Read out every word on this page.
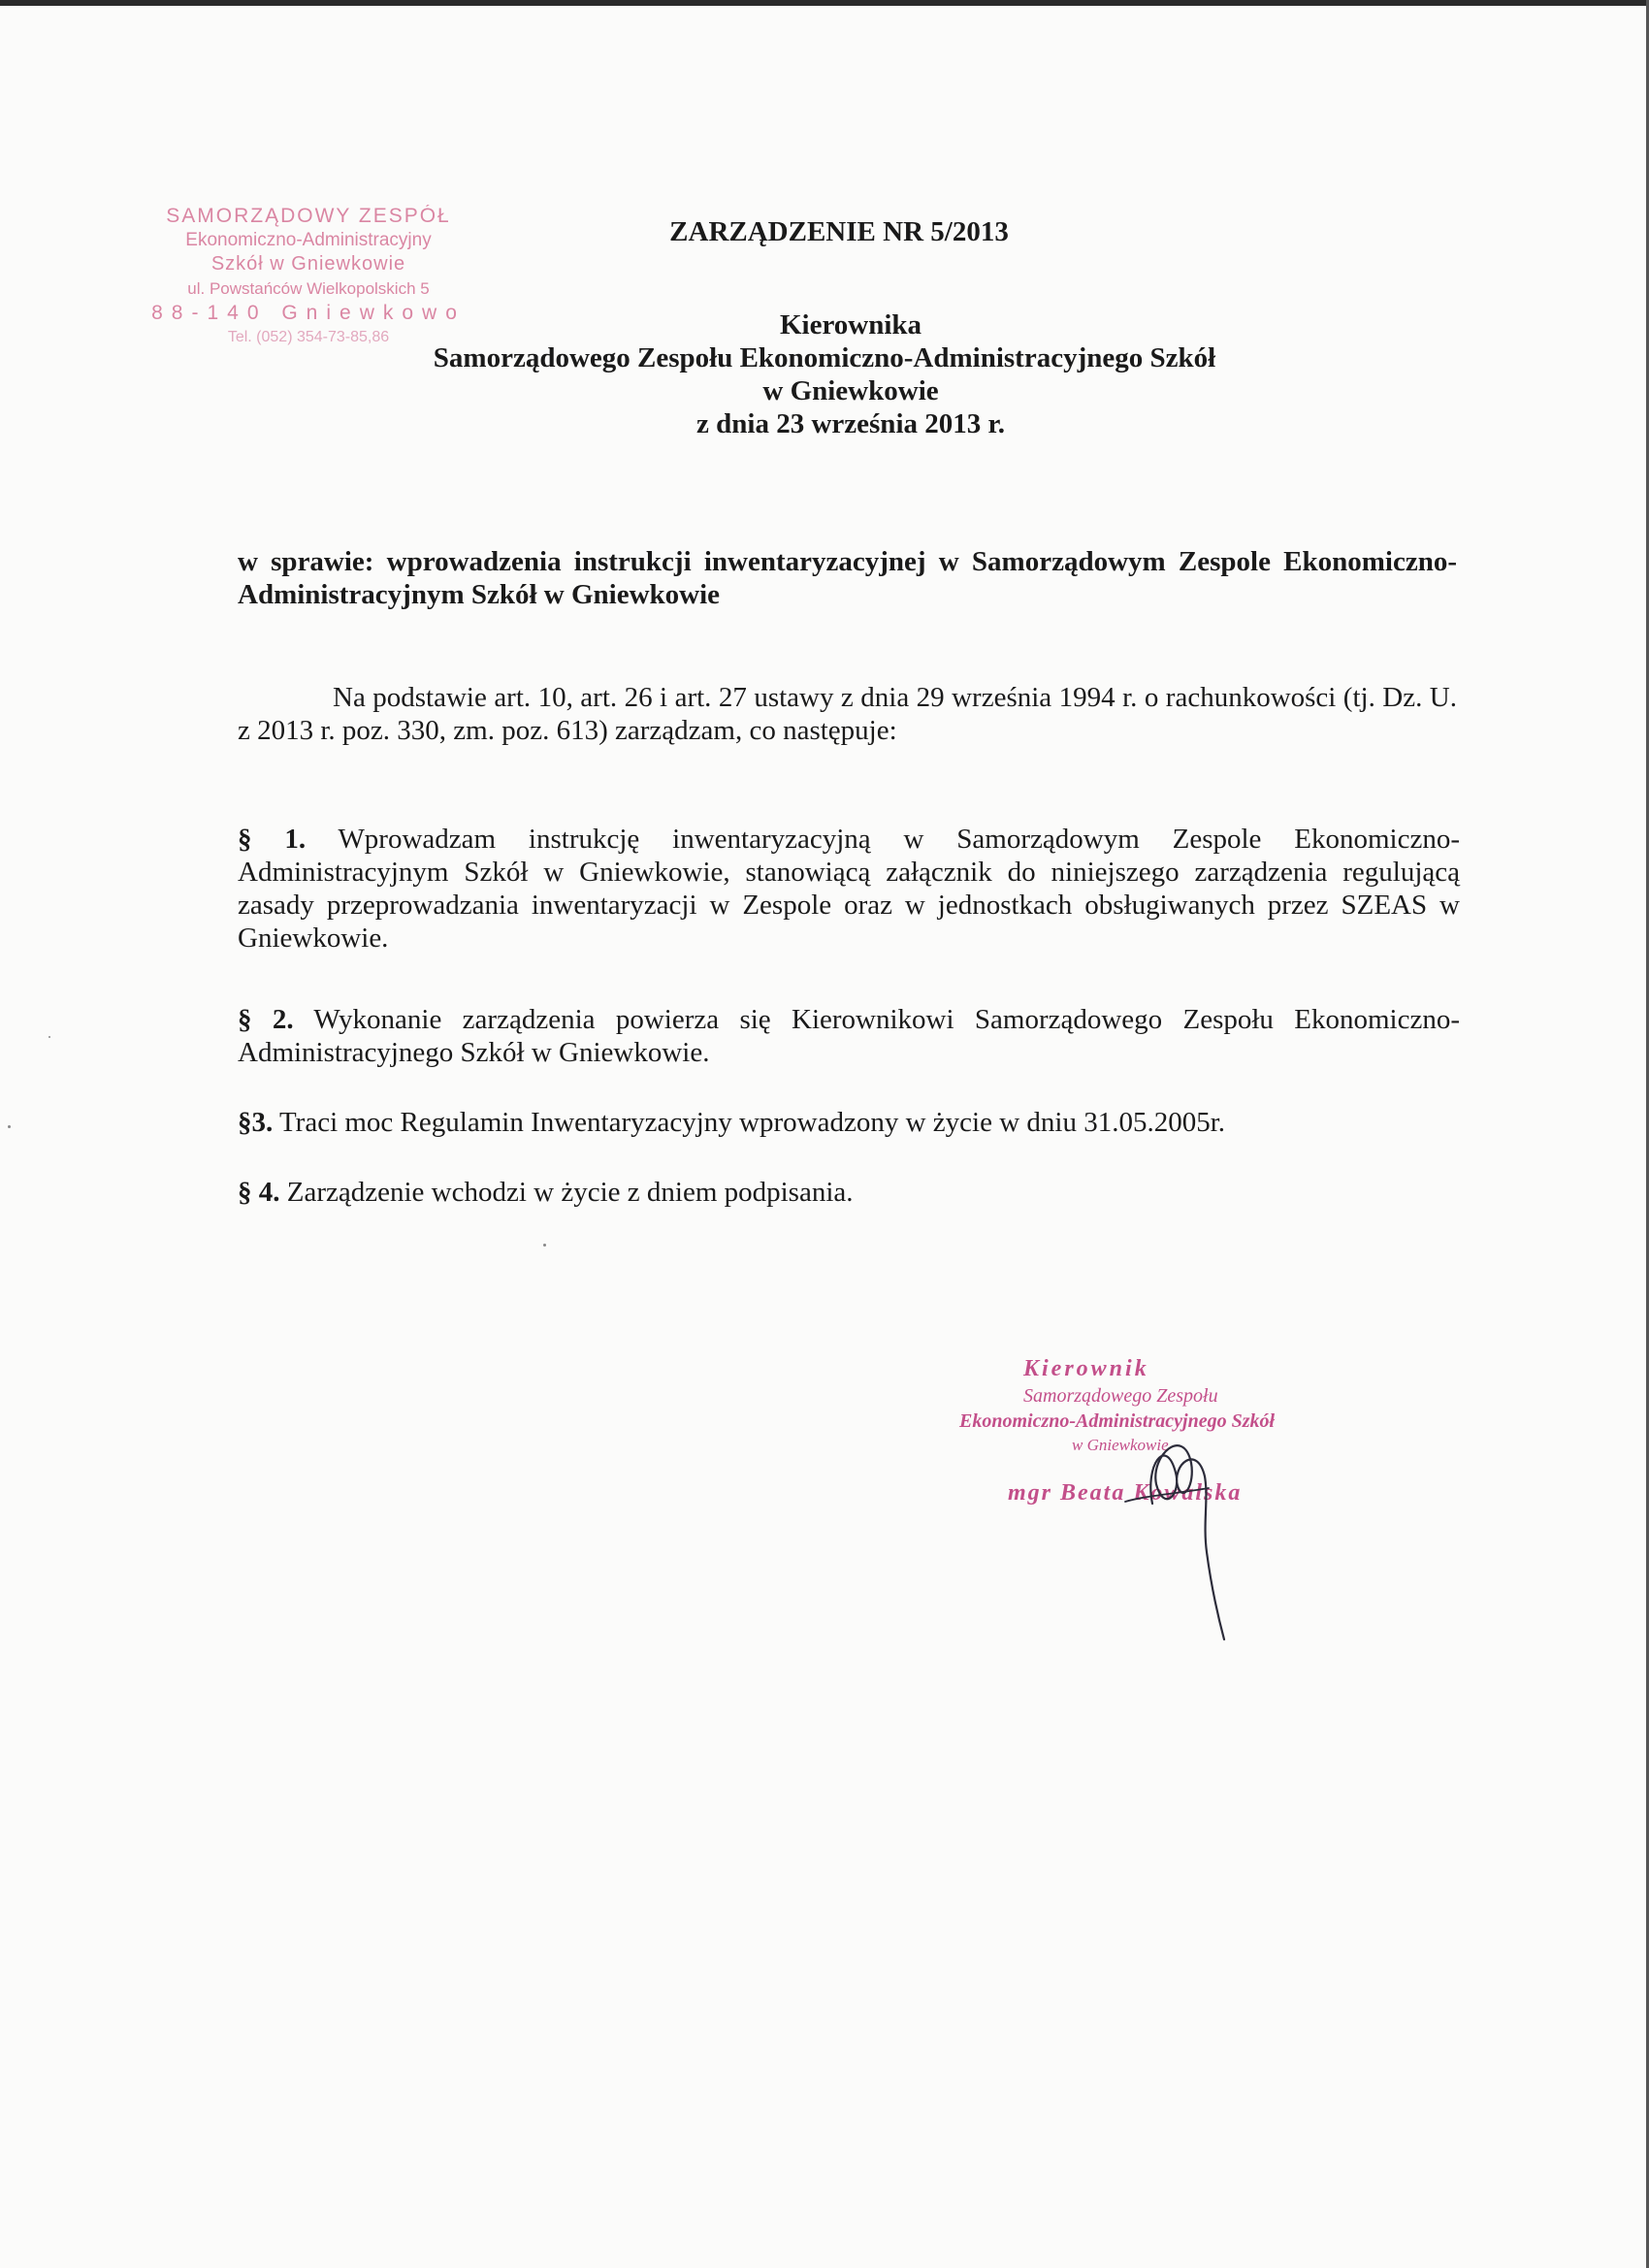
SAMORZĄDOWY ZESPÓŁ
Ekonomiczno-Administracyjny
Szkół w Gniewkowie
ul. Powstańców Wielkopolskich 5
88-140 Gniewkowo
Tel. (052) 354-73-85,86
ZARZĄDZENIE NR 5/2013
Kierownika
Samorządowego Zespołu Ekonomiczno-Administracyjnego Szkół
w Gniewkowie
z dnia 23 września 2013 r.
w sprawie: wprowadzenia instrukcji inwentaryzacyjnej w Samorządowym Zespole Ekonomiczno-Administracyjnym Szkół w Gniewkowie
Na podstawie art. 10, art. 26 i art. 27 ustawy z dnia 29 września 1994 r. o rachunkowości (tj. Dz. U. z 2013 r. poz. 330, zm. poz. 613) zarządzam, co następuje:
§ 1. Wprowadzam instrukcję inwentaryzacyjną w Samorządowym Zespole Ekonomiczno-Administracyjnym Szkół w Gniewkowie, stanowiącą załącznik do niniejszego zarządzenia regulującą zasady przeprowadzania inwentaryzacji w Zespole oraz w jednostkach obsługiwanych przez SZEAS w Gniewkowie.
§ 2. Wykonanie zarządzenia powierza się Kierownikowi Samorządowego Zespołu Ekonomiczno-Administracyjnego Szkół w Gniewkowie.
§3. Traci moc Regulamin Inwentaryzacyjny wprowadzony w życie w dniu 31.05.2005r.
§ 4. Zarządzenie wchodzi w życie z dniem podpisania.
Kierownik
Samorządowego Zespołu
Ekonomiczno-Administracyjnego Szkół
w Gniewkowie
mgr Beata Kowalska
